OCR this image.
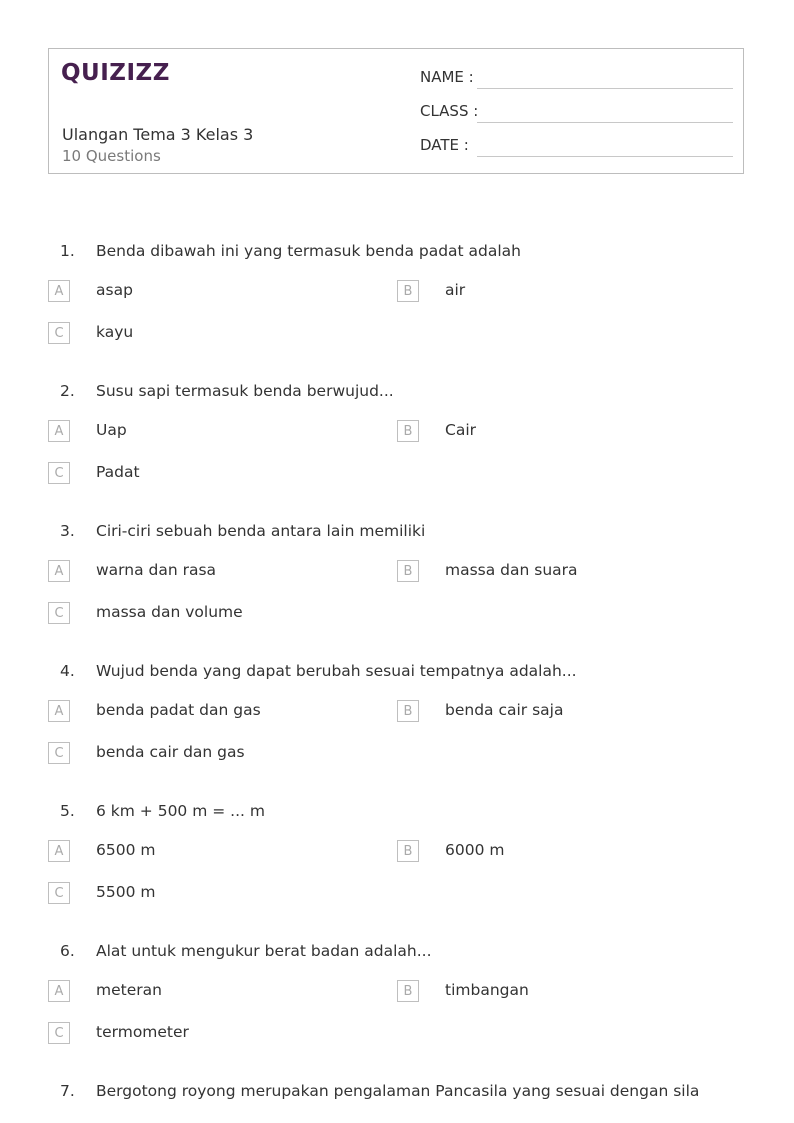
QUIZIZZ
Ulangan Tema 3 Kelas 3
10 Questions
NAME :
CLASS :
DATE :
1. Benda dibawah ini yang termasuk benda padat adalah
A	asap	B	air
C	kayu
2. Susu sapi termasuk benda berwujud...
A	Uap	B	Cair
C	Padat
3. Ciri-ciri sebuah benda antara lain memiliki
A	warna dan rasa	B	massa dan suara
C	massa dan volume
4. Wujud benda yang dapat berubah sesuai tempatnya adalah...
A	benda padat dan gas	B	benda cair saja
C	benda cair dan gas
5. 6 km + 500 m = ... m
A	6500 m	B	6000 m
C	5500 m
6. Alat untuk mengukur berat badan adalah...
A	meteran	B	timbangan
C	termometer
7. Bergotong royong merupakan pengalaman Pancasila yang sesuai dengan sila
